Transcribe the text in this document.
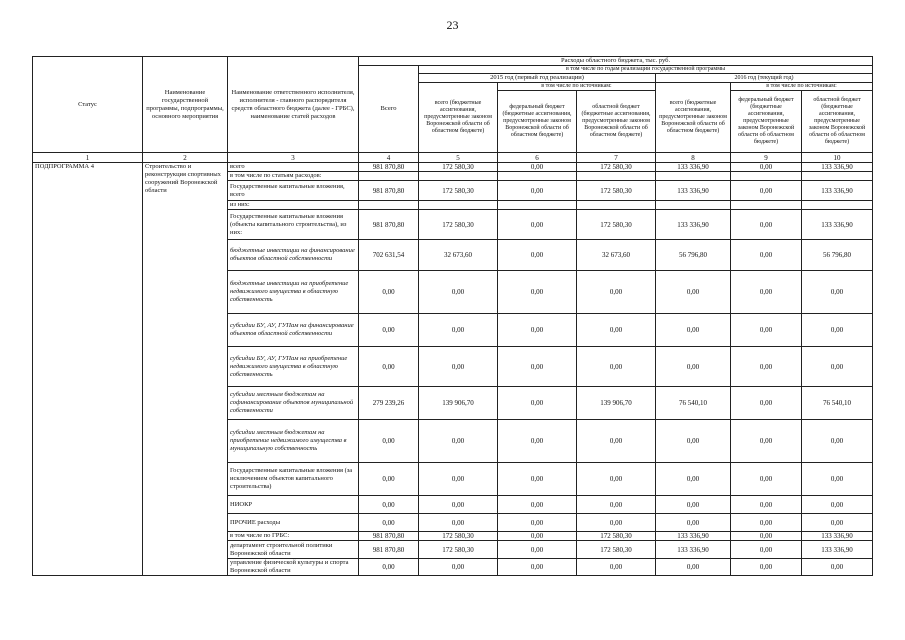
23
Статус	Наименование государственной программы, подпрограммы, основного мероприятия	Наименование ответственного исполнителя, исполнителя - главного распорядителя средств областного бюджета (далее - ГРБС), наименование статей расходов	Расходы областного бюджета, тыс. руб.						
			Всего	в том числе по годам реализации государственной программы					
				2015 год (первый год реализации)			2016 год (текущий год)		
				всего (бюджетные ассигнования, предусмотренные законом Воронежской области об областном бюджете)	в том числе по источникам:		всего (бюджетные ассигнования, предусмотренные законом Воронежской области об областном бюджете)	в том числе по источникам:	
					федеральный бюджет (бюджетные ассигнования, предусмотренные законом Воронежской области об областном бюджете)	областной бюджет (бюджетные ассигнования, предусмотренные законом Воронежской области об областном бюджете)		федеральный бюджет (бюджетные ассигнования, предусмотренные законом Воронежской области об областном бюджете)	областной бюджет (бюджетные ассигнования, предусмотренные законом Воронежской области об областном бюджете)
1	2	3	4	5	6	7	8	9	10
ПОДПРОГРАММА 4	Строительство и реконструкция спортивных сооружений Воронежской области	всего	981 870,80	172 580,30	0,00	172 580,30	133 336,90	0,00	133 336,90
		в том числе по статьям расходов:							
		Государственные капитальные вложения, всего	981 870,80	172 580,30	0,00	172 580,30	133 336,90	0,00	133 336,90
		из них:							
		Государственные капитальные вложения (объекты капитального строительства), из них:	981 870,80	172 580,30	0,00	172 580,30	133 336,90	0,00	133 336,90
		бюджетные инвестиции на финансирование объектов областной собственности	702 631,54	32 673,60	0,00	32 673,60	56 796,80	0,00	56 796,80
		бюджетные инвестиции на приобретение недвижимого имущества в областную собственность	0,00	0,00	0,00	0,00	0,00	0,00	0,00
		субсидии БУ, АУ, ГУПам на финансирование объектов областной собственности	0,00	0,00	0,00	0,00	0,00	0,00	0,00
		субсидии БУ, АУ, ГУПам на приобретение недвижимого имущества в областную собственность	0,00	0,00	0,00	0,00	0,00	0,00	0,00
		субсидии местным бюджетам на софинансирование объектов муниципальной собственности	279 239,26	139 906,70	0,00	139 906,70	76 540,10	0,00	76 540,10
		субсидии местным бюджетам на приобретение недвижимого имущества в муниципальную собственность	0,00	0,00	0,00	0,00	0,00	0,00	0,00
		Государственные капитальные вложения (за исключением объектов капитального строительства)	0,00	0,00	0,00	0,00	0,00	0,00	0,00
		НИОКР	0,00	0,00	0,00	0,00	0,00	0,00	0,00
		ПРОЧИЕ расходы	0,00	0,00	0,00	0,00	0,00	0,00	0,00
		в том числе по ГРБС:	981 870,80	172 580,30	0,00	172 580,30	133 336,90	0,00	133 336,90
		департамент строительной политики Воронежской области	981 870,80	172 580,30	0,00	172 580,30	133 336,90	0,00	133 336,90
		управление физической культуры и спорта Воронежской области	0,00	0,00	0,00	0,00	0,00	0,00	0,00
